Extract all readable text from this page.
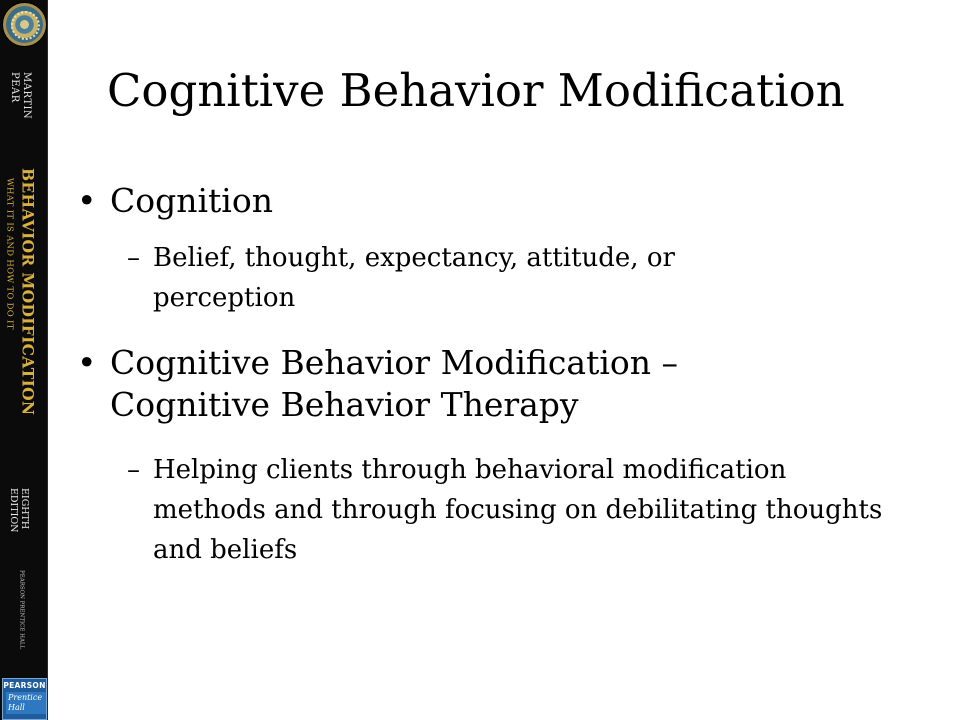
MARTIN
PEAR
BEHAVIOR MODIFICATION
WHAT IT IS AND HOW TO DO IT
EIGHTH
EDITION
PEARSON PRENTICE HALL
PEARSON
Prentice Hall
Cognitive Behavior Modification
• Cognition
– Belief, thought, expectancy, attitude, or perception
• Cognitive Behavior Modification – Cognitive Behavior Therapy
– Helping clients through behavioral modification methods and through focusing on debilitating thoughts and beliefs
